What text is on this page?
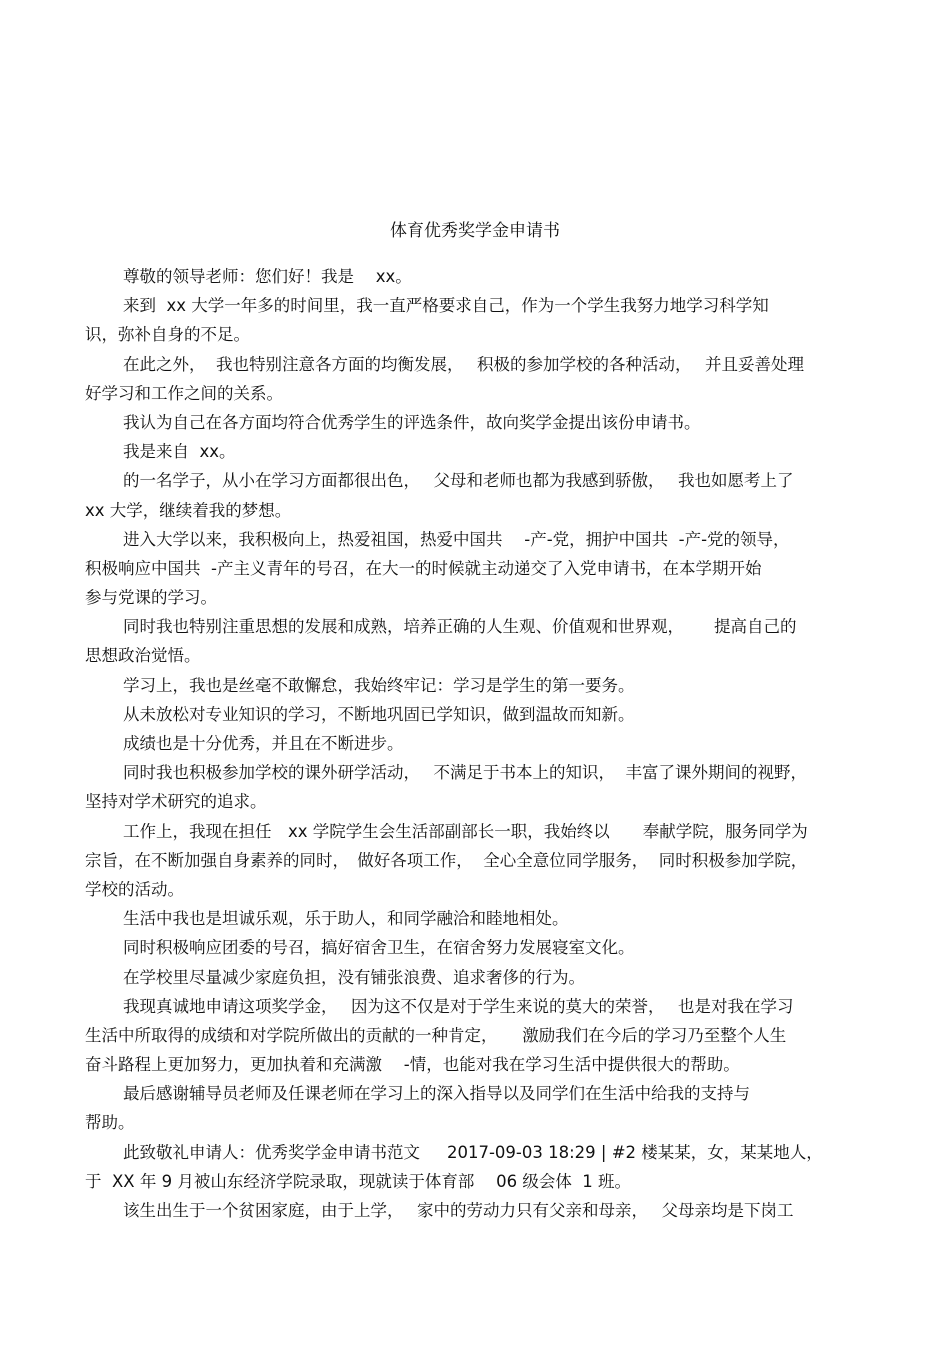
体育优秀奖学金申请书
尊敬的领导老师：您们好！我是　 xx。
来到  xx 大学一年多的时间里，我一直严格要求自己，作为一个学生我努力地学习科学知
识，弥补自身的不足。
在此之外，  我也特别注意各方面的均衡发展，　 积极的参加学校的各种活动，　 并且妥善处理
好学习和工作之间的关系。
我认为自己在各方面均符合优秀学生的评选条件，故向奖学金提出该份申请书。
我是来自  xx。
的一名学子，从小在学习方面都很出色，　 父母和老师也都为我感到骄傲，　 我也如愿考上了
xx 大学，继续着我的梦想。
进入大学以来，我积极向上，热爱祖国，热爱中国共　 -产-党，拥护中国共  -产-党的领导，
积极响应中国共  -产主义青年的号召，在大一的时候就主动递交了入党申请书，在本学期开始
参与党课的学习。
同时我也特别注重思想的发展和成熟，培养正确的人生观、价值观和世界观，　　 提高自己的
思想政治觉悟。
学习上，我也是丝毫不敢懈怠，我始终牢记：学习是学生的第一要务。
从未放松对专业知识的学习，不断地巩固已学知识，做到温故而知新。
成绩也是十分优秀，并且在不断进步。
同时我也积极参加学校的课外研学活动，　 不满足于书本上的知识，  丰富了课外期间的视野，
坚持对学术研究的追求。
工作上，我现在担任　xx 学院学生会生活部副部长一职，我始终以　　奉献学院，服务同学为
宗旨，在不断加强自身素养的同时，　做好各项工作，  全心全意位同学服务，  同时积极参加学院，
学校的活动。
生活中我也是坦诚乐观，乐于助人，和同学融洽和睦地相处。
同时积极响应团委的号召，搞好宿舍卫生，在宿舍努力发展寝室文化。
在学校里尽量减少家庭负担，没有铺张浪费、追求奢侈的行为。
我现真诚地申请这项奖学金，　 因为这不仅是对于学生来说的莫大的荣誉，　 也是对我在学习
生活中所取得的成绩和对学院所做出的贡献的一种肯定，　　激励我们在今后的学习乃至整个人生
奋斗路程上更加努力，更加执着和充满激　 -情，也能对我在学习生活中提供很大的帮助。
最后感谢辅导员老师及任课老师在学习上的深入指导以及同学们在生活中给我的支持与
帮助。
此致敬礼申请人：优秀奖学金申请书范文　  2017-09-03 18:29 | #2 楼某某，女，某某地人，
于  XX 年 9 月被山东经济学院录取，现就读于体育部　 06 级会体  1 班。
该生出生于一个贫困家庭，由于上学，　 家中的劳动力只有父亲和母亲，　 父母亲均是下岗工
